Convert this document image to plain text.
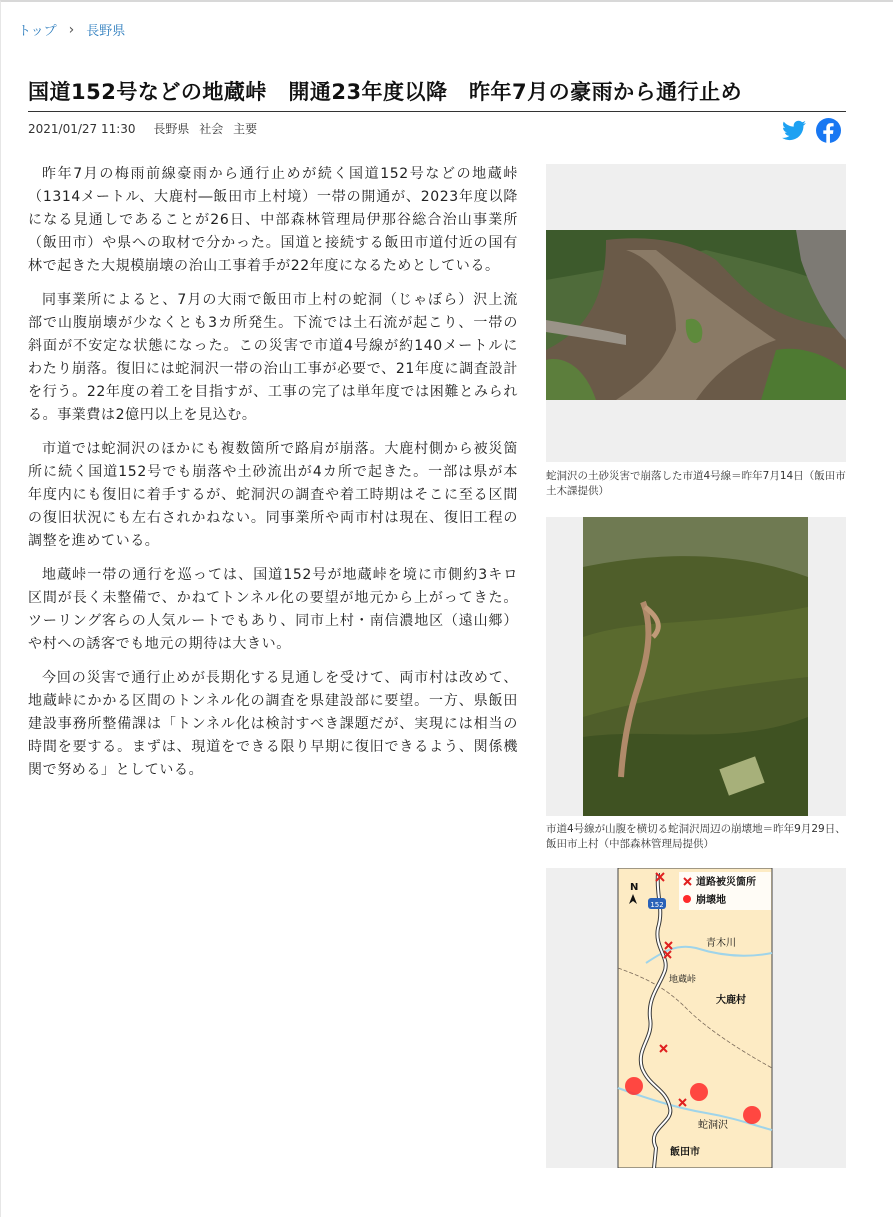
トップ › 長野県
国道152号などの地蔵峠　開通23年度以降　昨年7月の豪雨から通行止め
2021/01/27 11:30 長野県 社会 主要

昨年7月の梅雨前線豪雨から通行止めが続く国道152号などの地蔵峠（1314メートル、大鹿村―飯田市上村境）一帯の開通が、2023年度以降になる見通しであることが26日、中部森林管理局伊那谷総合治山事業所（飯田市）や県への取材で分かった。国道と接続する飯田市道付近の国有林で起きた大規模崩壊の治山工事着手が22年度になるためとしている。

同事業所によると、7月の大雨で飯田市上村の蛇洞（じゃぼら）沢上流部で山腹崩壊が少なくとも3カ所発生。下流では土石流が起こり、一帯の斜面が不安定な状態になった。この災害で市道4号線が約140メートルにわたり崩落。復旧には蛇洞沢一帯の治山工事が必要で、21年度に調査設計を行う。22年度の着工を目指すが、工事の完了は単年度では困難とみられる。事業費は2億円以上を見込む。

市道では蛇洞沢のほかにも複数箇所で路肩が崩落。大鹿村側から被災箇所に続く国道152号でも崩落や土砂流出が4カ所で起きた。一部は県が本年度内にも復旧に着手するが、蛇洞沢の調査や着工時期はそこに至る区間の復旧状況にも左右されかねない。同事業所や両市村は現在、復旧工程の調整を進めている。

地蔵峠一帯の通行を巡っては、国道152号が地蔵峠を境に市側約3キロ区間が長く未整備で、かねてトンネル化の要望が地元から上がってきた。ツーリング客らの人気ルートでもあり、同市上村・南信濃地区（遠山郷）や村への誘客でも地元の期待は大きい。

今回の災害で通行止めが長期化する見通しを受けて、両市村は改めて、地蔵峠にかかる区間のトンネル化の調査を県建設部に要望。一方、県飯田建設事務所整備課は「トンネル化は検討すべき課題だが、実現には相当の時間を要する。まずは、現道をできる限り早期に復旧できるよう、関係機関で努める」としている。

蛇洞沢の土砂災害で崩落した市道4号線＝昨年7月14日（飯田市土木課提供）
市道4号線が山腹を横切る蛇洞沢周辺の崩壊地＝昨年9月29日、飯田市上村（中部森林管理局提供）
N
152
道路被災箇所
崩壊地
青木川
地蔵峠
大鹿村
蛇洞沢
飯田市
